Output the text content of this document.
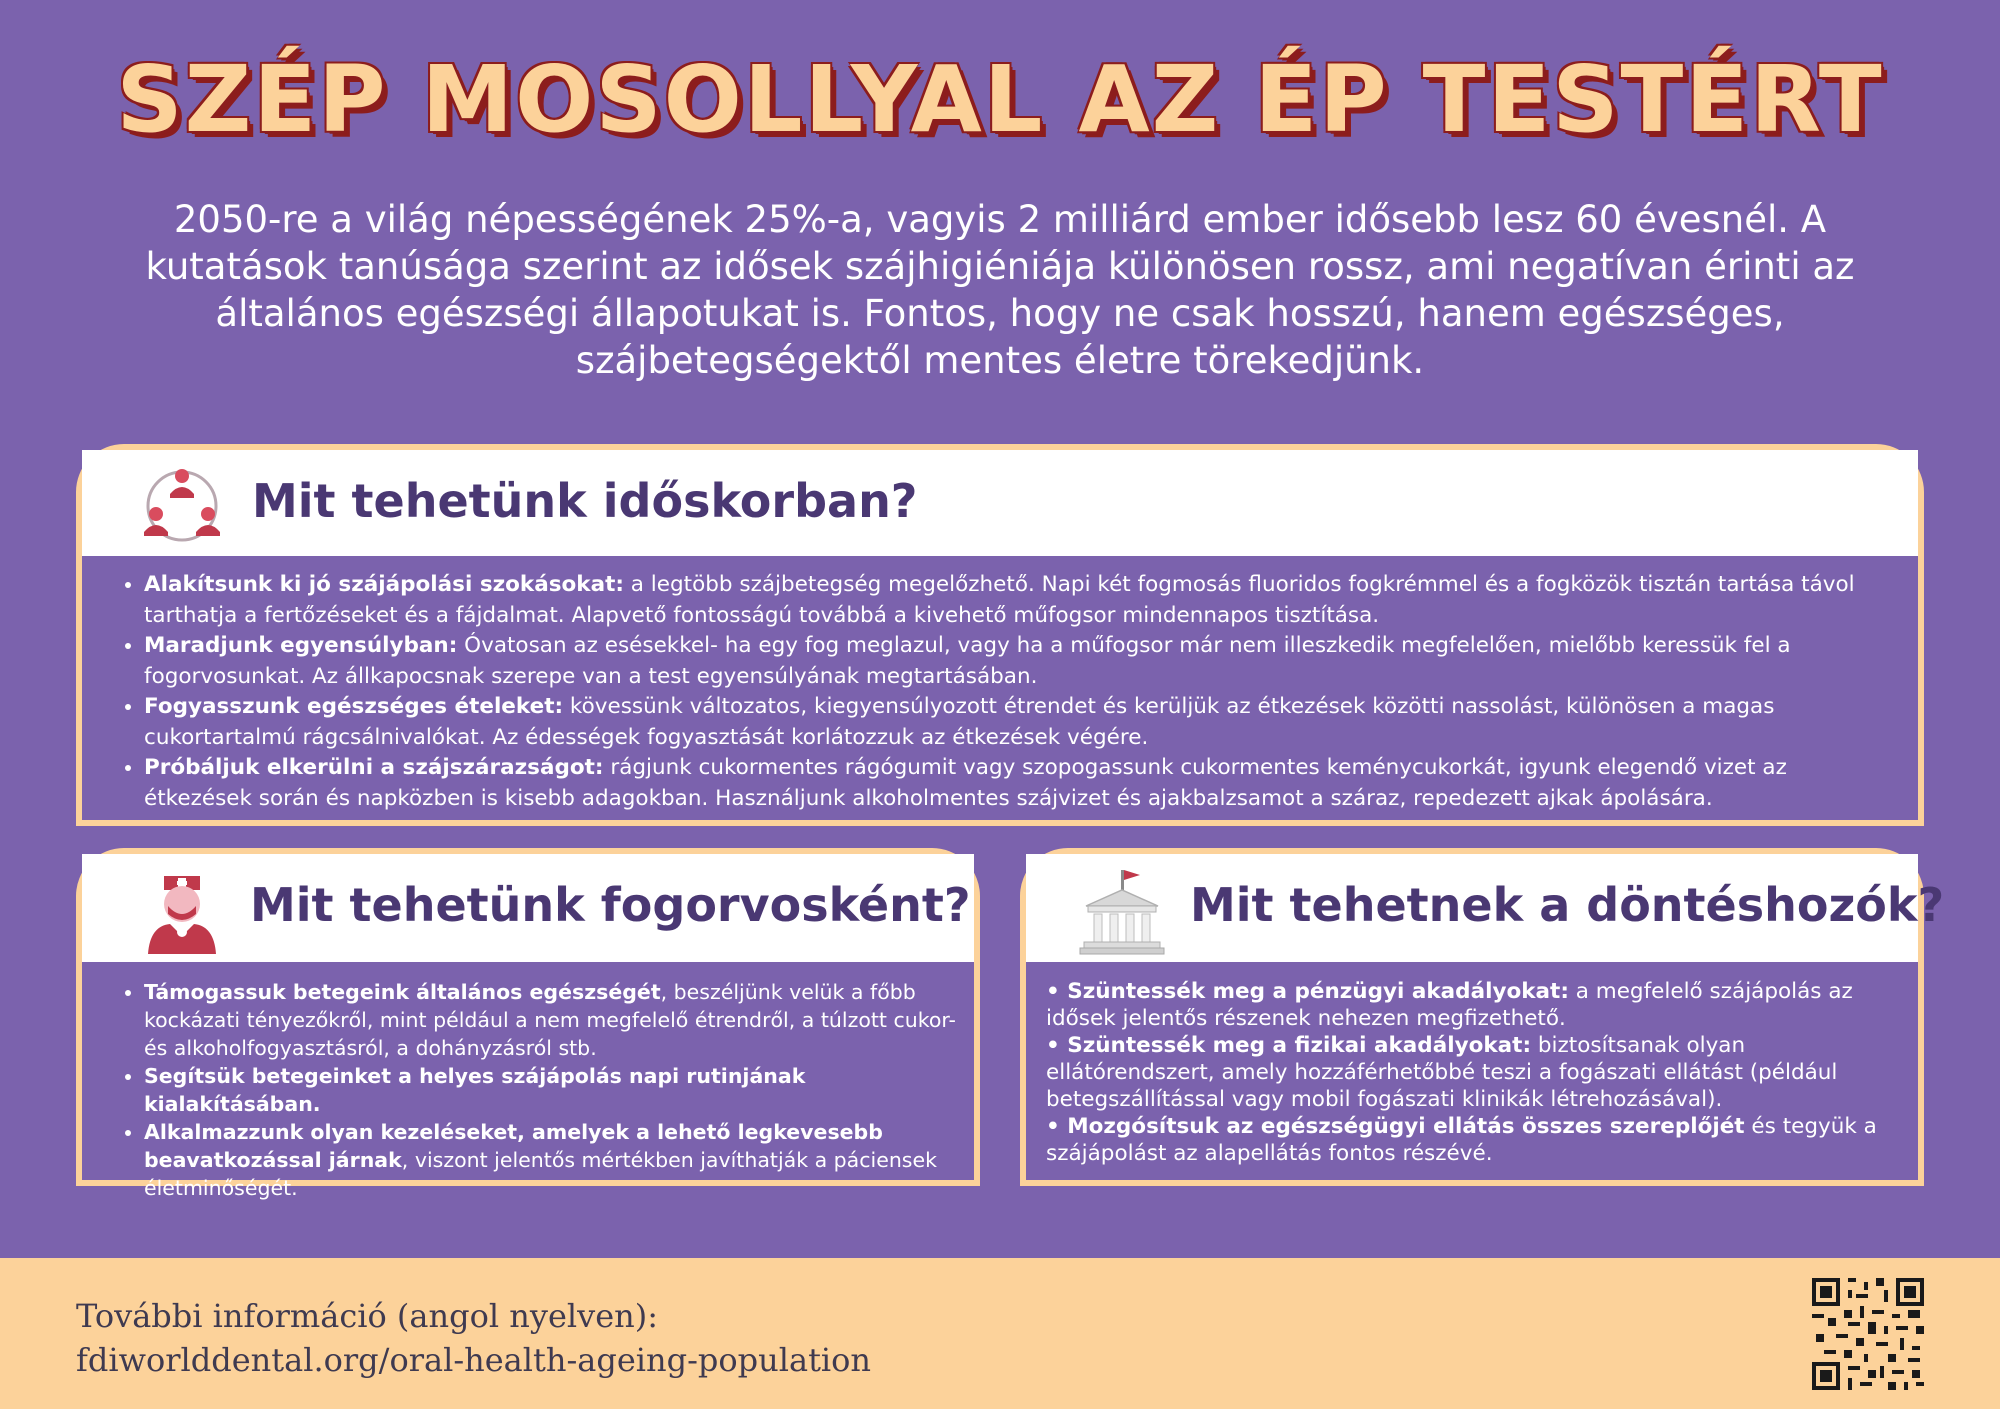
SZÉP MOSOLLYAL AZ ÉP TESTÉRT

2050-re a világ népességének 25%-a, vagyis 2 milliárd ember idősebb lesz 60 évesnél. A kutatások tanúsága szerint az idősek szájhigiéniája különösen rossz, ami negatívan érinti az általános egészségi állapotukat is. Fontos, hogy ne csak hosszú, hanem egészséges, szájbetegségektől mentes életre törekedjünk.

Mit tehetünk időskorban?
• Alakítsunk ki jó szájápolási szokásokat: a legtöbb szájbetegség megelőzhető. Napi két fogmosás fluoridos fogkrémmel és a fogközök tisztán tartása távol tarthatja a fertőzéseket és a fájdalmat. Alapvető fontosságú továbbá a kivehető műfogsor mindennapos tisztítása.
• Maradjunk egyensúlyban: Óvatosan az esésekkel- ha egy fog meglazul, vagy ha a műfogsor már nem illeszkedik megfelelően, mielőbb keressük fel a fogorvosunkat. Az állkapocsnak szerepe van a test egyensúlyának megtartásában.
• Fogyasszunk egészséges ételeket: kövessünk változatos, kiegyensúlyozott étrendet és kerüljük az étkezések közötti nassolást, különösen a magas cukortartalmú rágcsálnivalókat. Az édességek fogyasztását korlátozzuk az étkezések végére.
• Próbáljuk elkerülni a szájszárazságot: rágjunk cukormentes rágógumit vagy szopogassunk cukormentes keménycukorkát, igyunk elegendő vizet az étkezések során és napközben is kisebb adagokban. Használjunk alkoholmentes szájvizet és ajakbalzsamot a száraz, repedezett ajkak ápolására.
Mit tehetünk fogorvosként?
• Támogassuk betegeink általános egészségét, beszéljünk velük a főbb kockázati tényezőkről, mint például a nem megfelelő étrendről, a túlzott cukor- és alkoholfogyasztásról, a dohányzásról stb.
• Segítsük betegeinket a helyes szájápolás napi rutinjának kialakításában.
• Alkalmazzunk olyan kezeléseket, amelyek a lehető legkevesebb beavatkozással járnak, viszont jelentős mértékben javíthatják a páciensek életminőségét.
Mit tehetnek a döntéshozók?

• Szüntessék meg a pénzügyi akadályokat: a megfelelő szájápolás az idősek jelentős részenek nehezen megfizethető.

• Szüntessék meg a fizikai akadályokat: biztosítsanak olyan ellátórendszert, amely hozzáférhetőbbé teszi a fogászati ellátást (például betegszállítással vagy mobil fogászati klinikák létrehozásával).

• Mozgósítsuk az egészségügyi ellátás összes szereplőjét és tegyük a szájápolást az alapellátás fontos részévé.

További információ (angol nyelven):
fdiworlddental.org/oral-health-ageing-population
